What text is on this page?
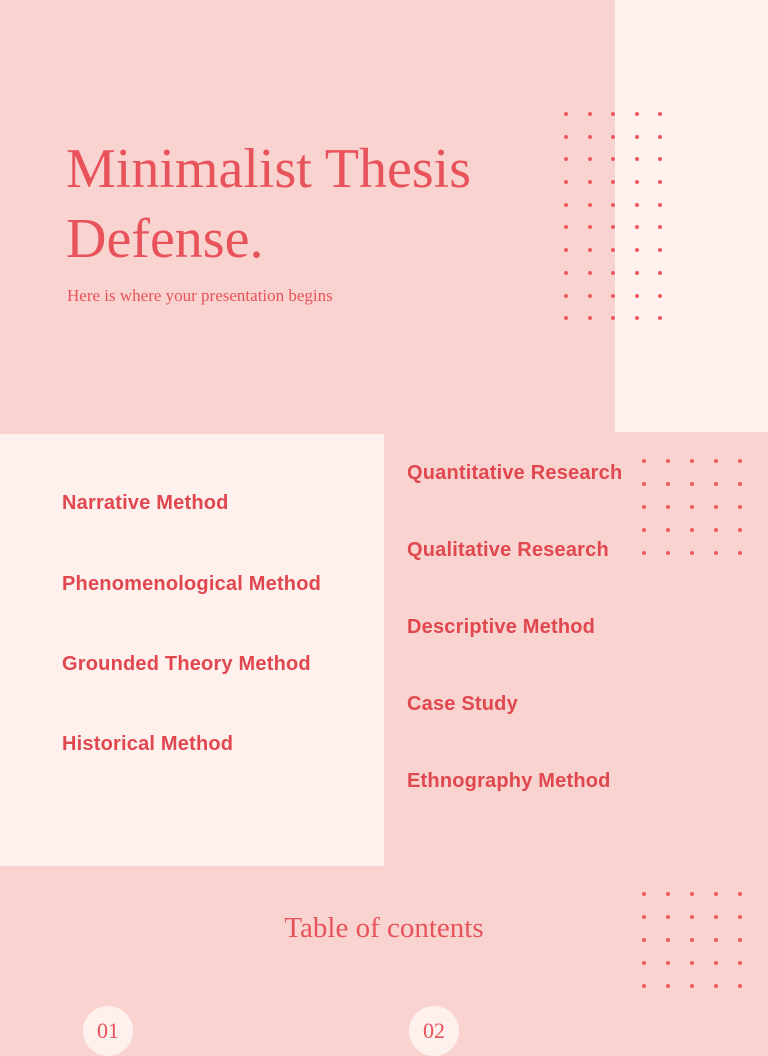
Minimalist Thesis Defense.

Here is where your presentation begins

Narrative Method

Phenomenological Method

Grounded Theory Method

Historical Method

Quantitative Research

Qualitative Research

Descriptive Method

Case Study

Ethnography Method

Table of contents
01	02
